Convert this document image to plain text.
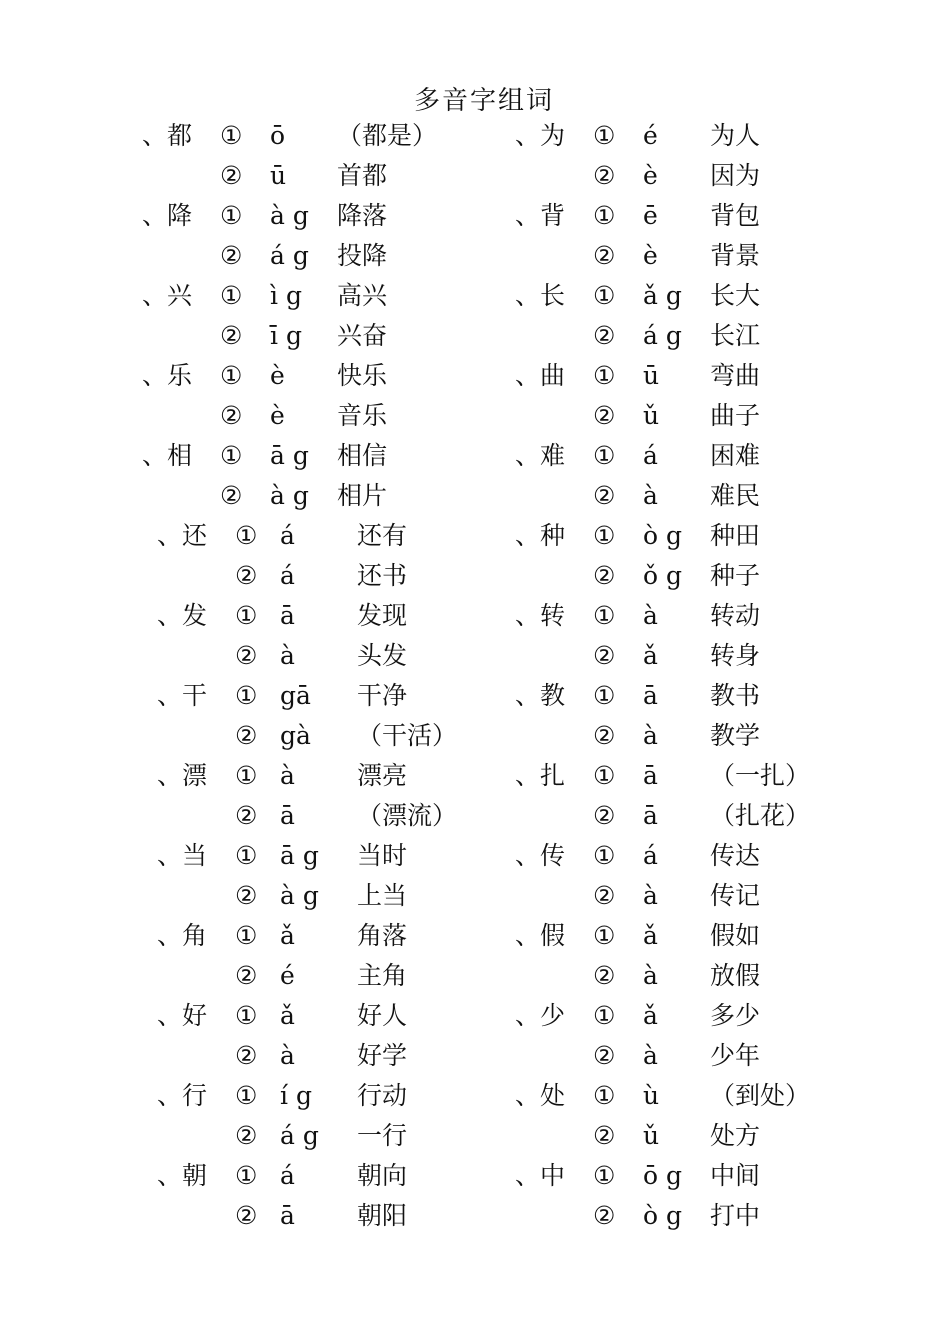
多音字组词
、都	① ō （都是）
② ū 首都
、降	① à g 降落
② á g 投降
、兴	① ì g 高兴
② ī g 兴奋
、乐	① è 快乐
② è 音乐
、相	① ā g 相信
② à g 相片
、还	① á 还有
② á 还书
、发	① ā 发现
② à 头发
、干	① gā 干净
② gà （干活）
、漂	① à 漂亮
② ā （漂流）
、当	① ā g 当时
② à g 上当
、角	① ǎ 角落
② é 主角
、好	① ǎ 好人
② à 好学
、行	① í g 行动
② á g 一行
、朝	① á 朝向
② ā 朝阳
、为	① é 为人
② è 因为
、背	① ē 背包
② è 背景
、长	① ǎ g 长大
② á g 长江
、曲	① ū 弯曲
② ǔ 曲子
、难	① á 困难
② à 难民
、种	① ò g 种田
② ǒ g 种子
、转	① à 转动
② ǎ 转身
、教	① ā 教书
② à 教学
、扎	① ā （一扎）
② ā （扎花）
、传	① á 传达
② à 传记
、假	① ǎ 假如
② à 放假
、少	① ǎ 多少
② à 少年
、处	① ù （到处）
② ǔ 处方
、中	① ō g 中间
② ò g 打中
